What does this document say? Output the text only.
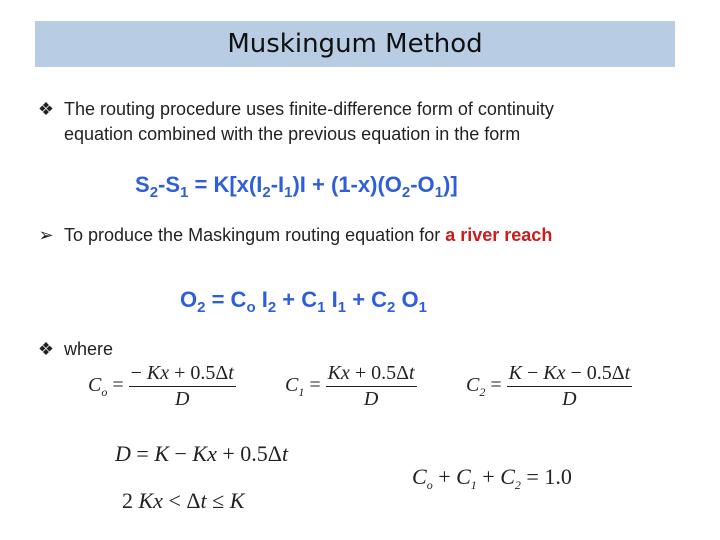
Muskingum Method
❖ The routing procedure uses finite-difference form of continuity
equation combined with the previous equation in the form
$S_2-S_1 = K[x(I_2-I_1)I + (1-x)(O_2-O_1)]$
➢ To produce the Maskingum routing equation for a river reach
$O_2 = C_o$ $I_2 + C_1$ $I_1 + C_2$ $O_1$
❖ where
$C_o = \frac{- Kx + 0.5\Delta t}{D} C_1 = \frac{Kx + 0.5\Delta t}{D} C_2 = \frac{K - Kx - 0.5\Delta t}{D}$
D = K − Kx + 0.5Δt
$C_o + C_1 + C_2 = 1.0$
2 Kx < Δt ≤ K
